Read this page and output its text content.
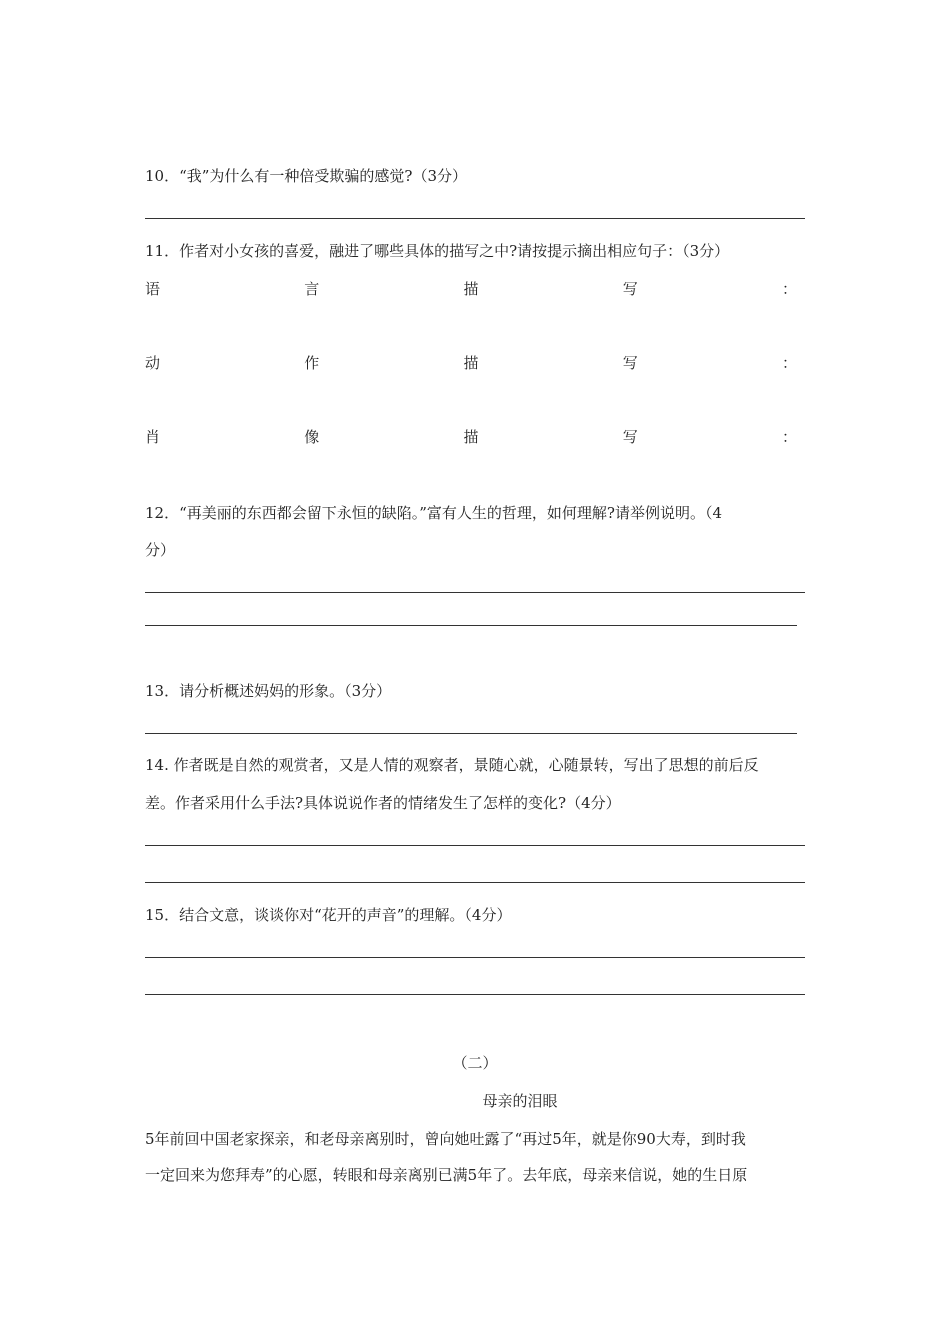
10．“我”为什么有一种倍受欺骗的感觉?（3分）
11．作者对小女孩的喜爱，融进了哪些具体的描写之中?请按提示摘出相应句子：（3分）
语	言	描	写	：
动	作	描	写	：
肖	像	描	写	：
12．“再美丽的东西都会留下永恒的缺陷。”富有人生的哲理，如何理解?请举例说明。（4
分）
13．请分析概述妈妈的形象。（3分）
14. 作者既是自然的观赏者，又是人情的观察者，景随心就，心随景转，写出了思想的前后反
差。作者采用什么手法?具体说说作者的情绪发生了怎样的变化?（4分）
15．结合文意，谈谈你对“花开的声音”的理解。（4分）
（二）
母亲的泪眼
5年前回中国老家探亲，和老母亲离别时，曾向她吐露了“再过5年，就是你90大寿，到时我
一定回来为您拜寿”的心愿，转眼和母亲离别已满5年了。去年底，母亲来信说，她的生日原
